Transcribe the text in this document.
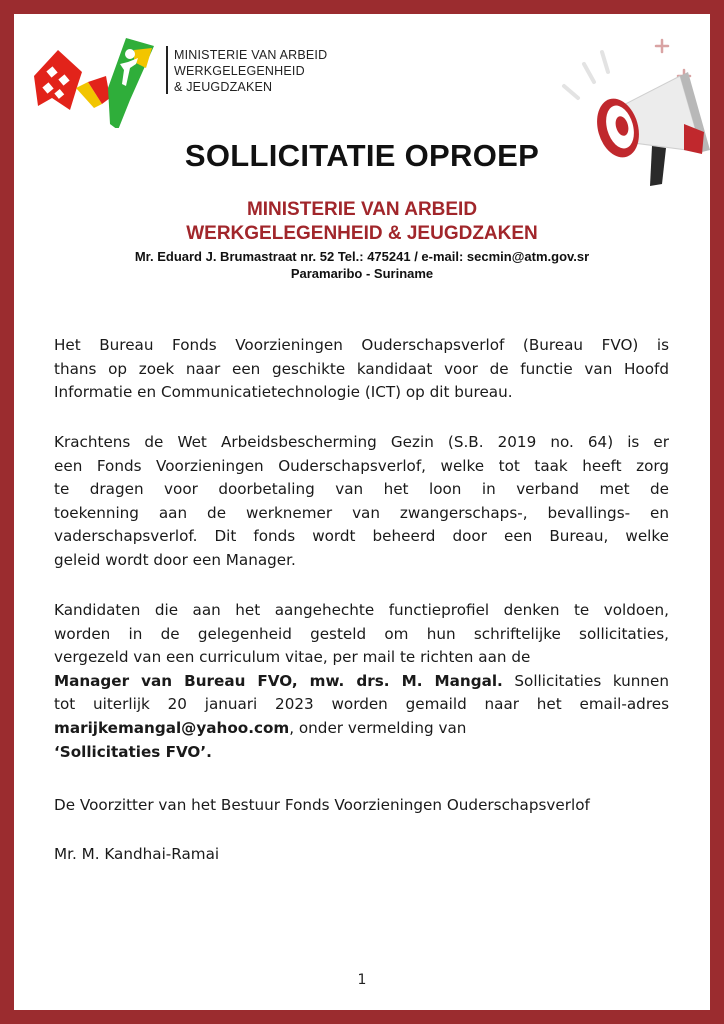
MINISTERIE VAN ARBEID
WERKGELEGENHEID
& JEUGDZAKEN
SOLLICITATIE OPROEP
MINISTERIE VAN ARBEID
WERKGELEGENHEID & JEUGDZAKEN
Mr. Eduard J. Brumastraat nr. 52 Tel.: 475241 / e-mail: secmin@atm.gov.sr
Paramaribo - Suriname
Het Bureau Fonds Voorzieningen Ouderschapsverlof (Bureau FVO) is
thans op zoek naar een geschikte kandidaat voor de functie van Hoofd
Informatie en Communicatietechnologie (ICT) op dit bureau.
Krachtens de Wet Arbeidsbescherming Gezin (S.B. 2019 no. 64) is er
een Fonds Voorzieningen Ouderschapsverlof, welke tot taak heeft zorg
te dragen voor doorbetaling van het loon in verband met de
toekenning aan de werknemer van zwangerschaps-, bevallings- en
vaderschapsverlof. Dit fonds wordt beheerd door een Bureau, welke
geleid wordt door een Manager.
Kandidaten die aan het aangehechte functieprofiel denken te voldoen,
worden in de gelegenheid gesteld om hun schriftelijke sollicitaties,
vergezeld van een curriculum vitae, per mail te richten aan de
Manager van Bureau FVO, mw. drs. M. Mangal. Sollicitaties kunnen
tot uiterlijk 20 januari 2023 worden gemaild naar het email-adres
marijkemangal@yahoo.com, onder vermelding van
‘Sollicitaties FVO’.
De Voorzitter van het Bestuur Fonds Voorzieningen Ouderschapsverlof
Mr. M. Kandhai-Ramai
1
